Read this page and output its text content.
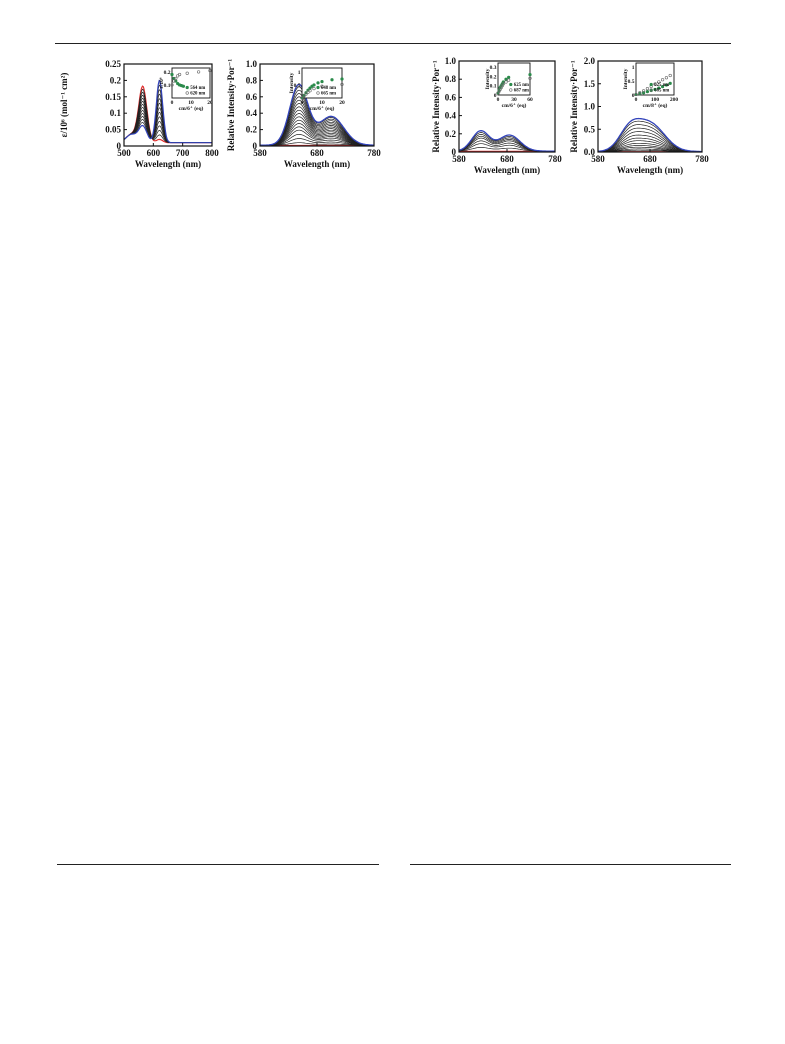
500 600 700 800
0
0.05
0.1
0.15
0.2
0.25
Wavelength (nm)
ε/10⁶ (mol⁻¹ cm²)	0	10 20
0.1
0.2
cm/6⁺ (eq)
ε/10⁶	564 nm
620 nm
580	680	780
0
0.2
0.4
0.6
0.8
1.0
Wavelength (nm)
Relative Intensity·Por⁻¹	0	10	20
0.5
1
cm/6⁺ (eq)
Intensity	648 nm
665 nm
580	680	780
0
0.2
0.4
0.6
0.8
1.0
Wavelength (nm)
Relative Intensity·Por⁻¹	0 30 60
0
0.1
0.2
0.3
cm/6⁺ (eq)
Intensity	625 nm
687 nm
580	680	780
0.0
0.5
1.0
1.5
2.0
Wavelength (nm)
Relative Intensity·Por⁻¹	0 100 200
0
0.5
1
cm/8⁺ (eq)
Intensity	625 nm
685 nm
